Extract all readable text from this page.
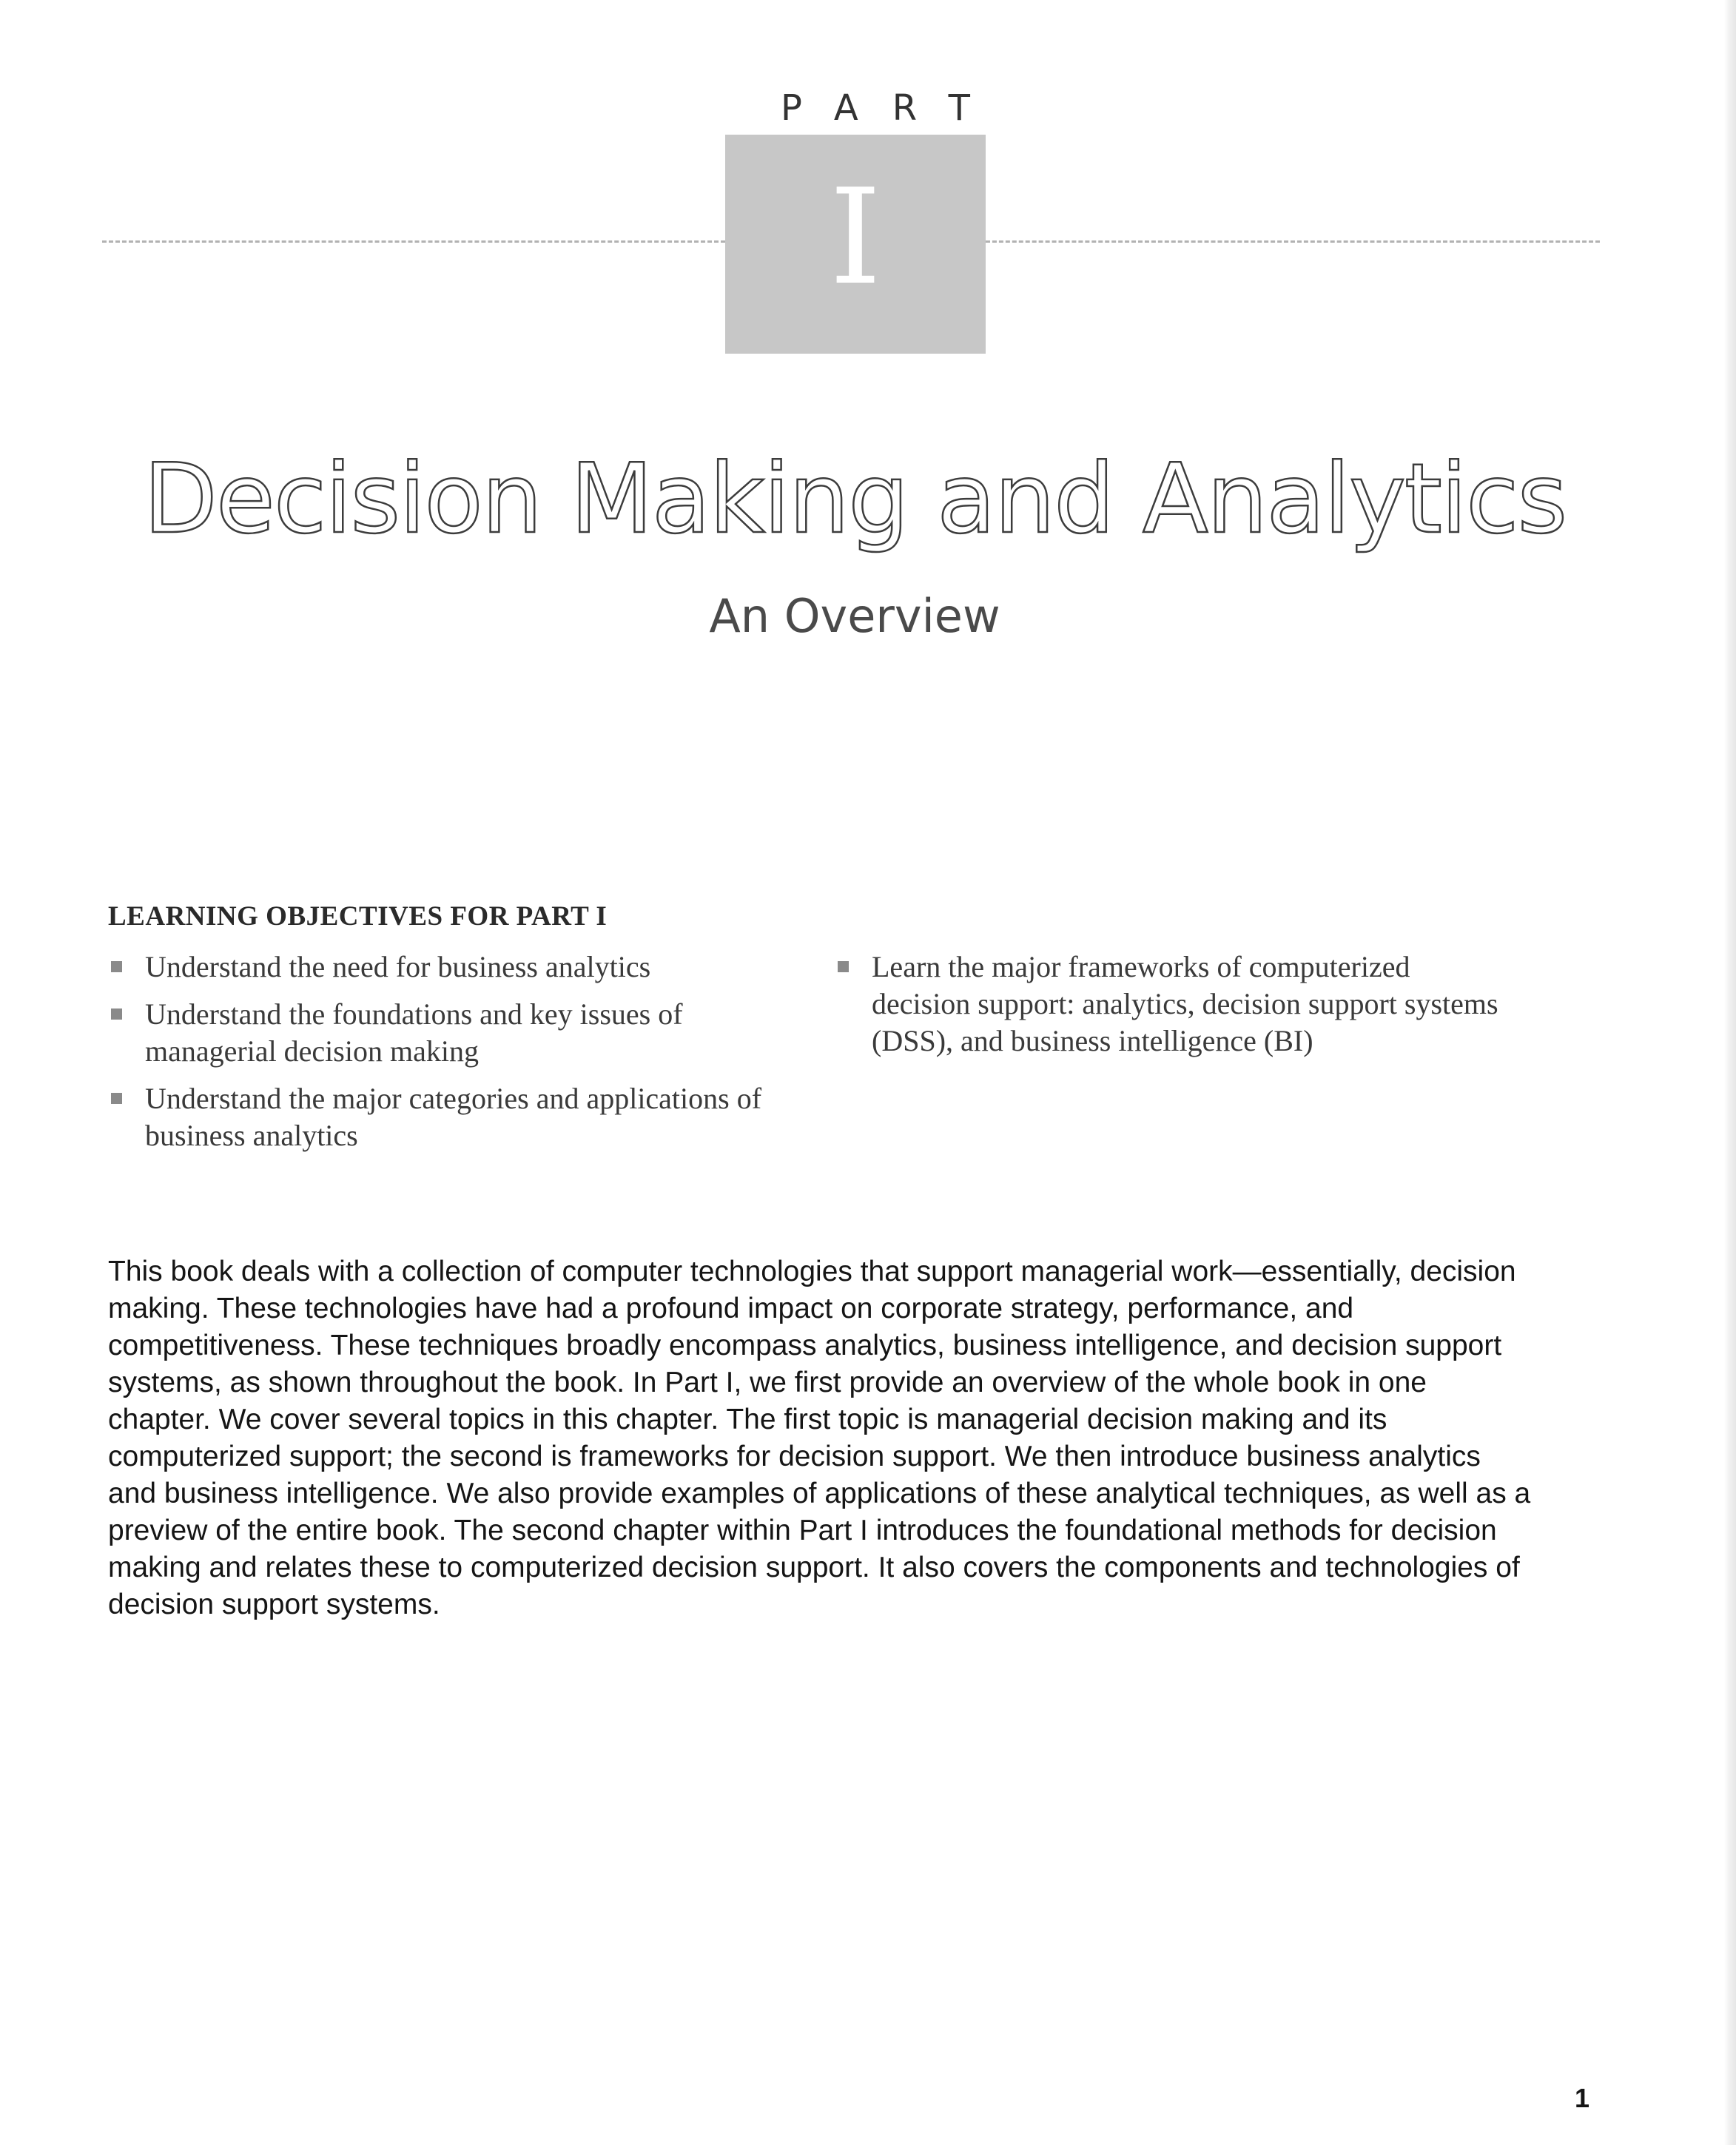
PART
I
Decision Making and Analytics
An Overview
LEARNING OBJECTIVES FOR PART I
Understand the need for business analytics
Understand the foundations and key issues of managerial decision making
Understand the major categories and applications of business analytics
Learn the major frameworks of computerized decision support: analytics, decision support systems (DSS), and business intelligence (BI)

This book deals with a collection of computer technologies that support managerial work—essentially, decision making. These technologies have had a profound impact on corporate strategy, performance, and competitiveness. These techniques broadly encompass analytics, business intelligence, and decision support systems, as shown throughout the book. In Part I, we first provide an overview of the whole book in one chapter. We cover several topics in this chapter. The first topic is managerial decision making and its computerized support; the second is frameworks for decision support. We then introduce business analytics and business intelligence. We also provide examples of applications of these analytical techniques, as well as a preview of the entire book. The second chapter within Part I introduces the foundational methods for decision making and relates these to computerized decision support. It also covers the components and technologies of decision support systems.

1
